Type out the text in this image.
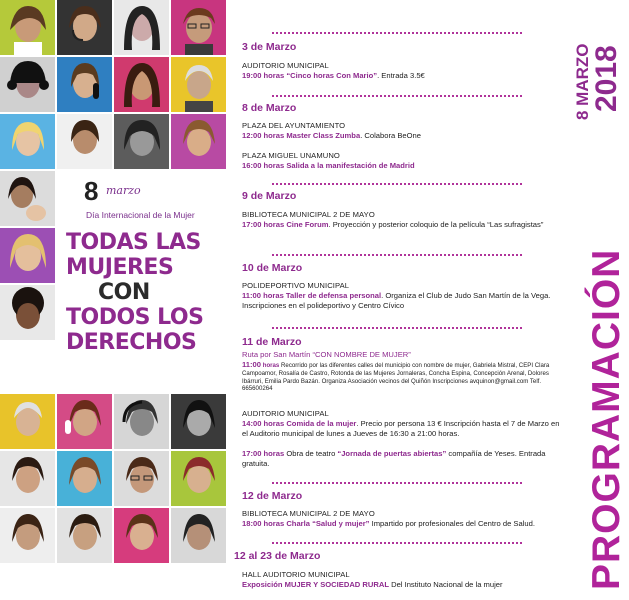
8 marzo
Día Internacional de la Mujer
TODAS LAS
MUJERES
CON
TODOS LOS
DERECHOS
3 de Marzo
AUDITORIO MUNICIPAL
19:00 horas “Cinco horas Con Mario”. Entrada 3.5€
8 de Marzo
PLAZA DEL AYUNTAMIENTO
12:00 horas Master Class Zumba. Colabora BeOne
PLAZA MIGUEL UNAMUNO
16:00 horas Salida a la manifestación de Madrid
9 de Marzo
BIBLIOTECA MUNICIPAL 2 DE MAYO
17:00 horas Cine Forum. Proyección y posterior coloquio de la película “Las sufragistas”
10 de Marzo
POLIDEPORTIVO MUNICIPAL
11:00 horas Taller de defensa personal. Organiza el Club de Judo San Martín de la Vega. Inscripciones en el polideportivo y Centro Cívico
11 de Marzo
Ruta por San Martín “CON NOMBRE DE MUJER”
11:00 horas Recorrido por las diferentes calles del municipio con nombre de mujer, Gabriela Mistral, CEPI Clara Campoamor, Rosalía de Castro, Rotonda de las Mujeres Jornaleras, Concha Espina, Concepción Arenal, Dolores Ibárruri, Emilia Pardo Bazán. Organiza Asociación vecinos del Quiñón Inscripciones avquinon@gmail.com Telf. 665600264
AUDITORIO MUNICIPAL
14:00 horas Comida de la mujer. Precio por persona 13 € Inscripción hasta el 7 de Marzo en el Auditorio municipal de lunes a Jueves de 16:30 a 21:00 horas.
17:00 horas Obra de teatro “Jornada de puertas abiertas” compañía de Yeses. Entrada gratuita.
12 de Marzo
BIBLIOTECA MUNICIPAL 2 DE MAYO
18:00 horas Charla “Salud y mujer” Impartido por profesionales del Centro de Salud.
12 al 23 de Marzo
HALL AUDITORIO MUNICIPAL
Exposición MUJER Y SOCIEDAD RURAL Del Instituto Nacional de la mujer	PROGRAMACIÓN
8 MARZO
2018
